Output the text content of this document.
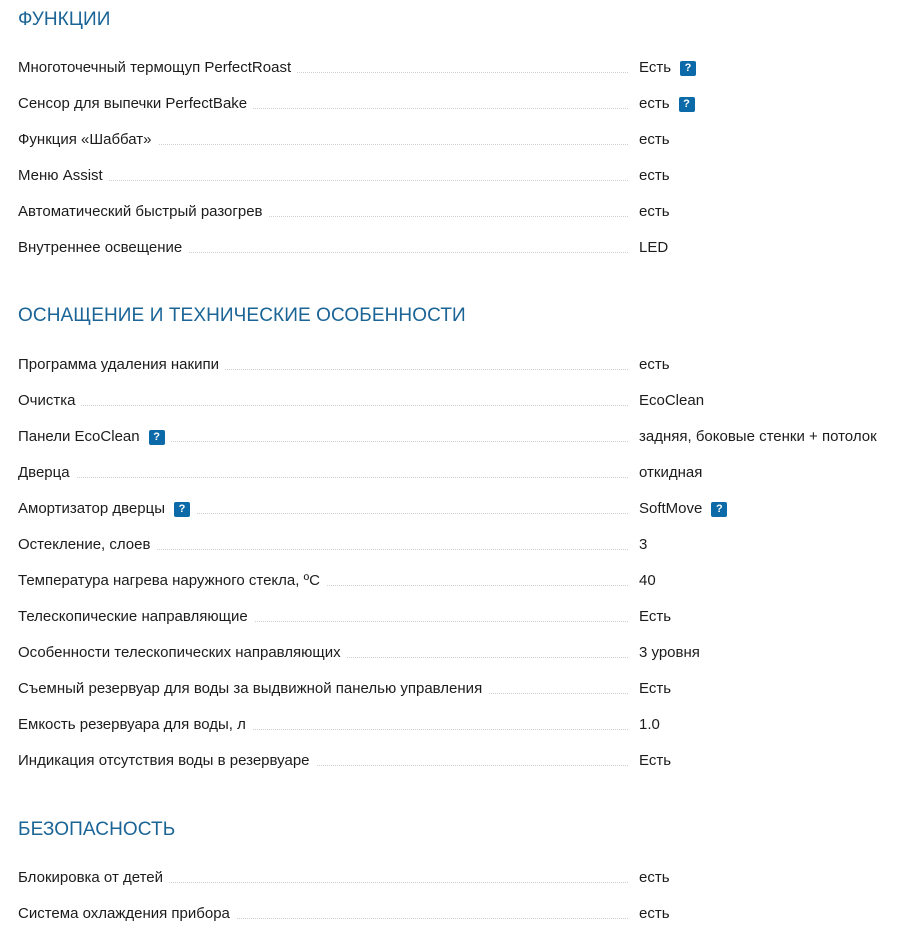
ФУНКЦИИ
Многоточечный термощуп PerfectRoast	Есть	?
Сенсор для выпечки PerfectBake	есть	?
Функция «Шаббат»	есть
Меню Assist	есть
Автоматический быстрый разогрев	есть
Внутреннее освещение	LED
ОСНАЩЕНИЕ И ТЕХНИЧЕСКИЕ ОСОБЕННОСТИ
Программа удаления накипи	есть
Очистка	EcoClean
Панели EcoClean	?	задняя, боковые стенки + потолок
Дверца	откидная
Амортизатор дверцы	?	SoftMove	?
Остекление, слоев	3
Температура нагрева наружного стекла, ºC	40
Телескопические направляющие	Есть
Особенности телескопических направляющих	3 уровня
Съемный резервуар для воды за выдвижной панелью управления	Есть
Емкость резервуара для воды, л	1.0
Индикация отсутствия воды в резервуаре	Есть
БЕЗОПАСНОСТЬ
Блокировка от детей	есть
Система охлаждения прибора	есть
